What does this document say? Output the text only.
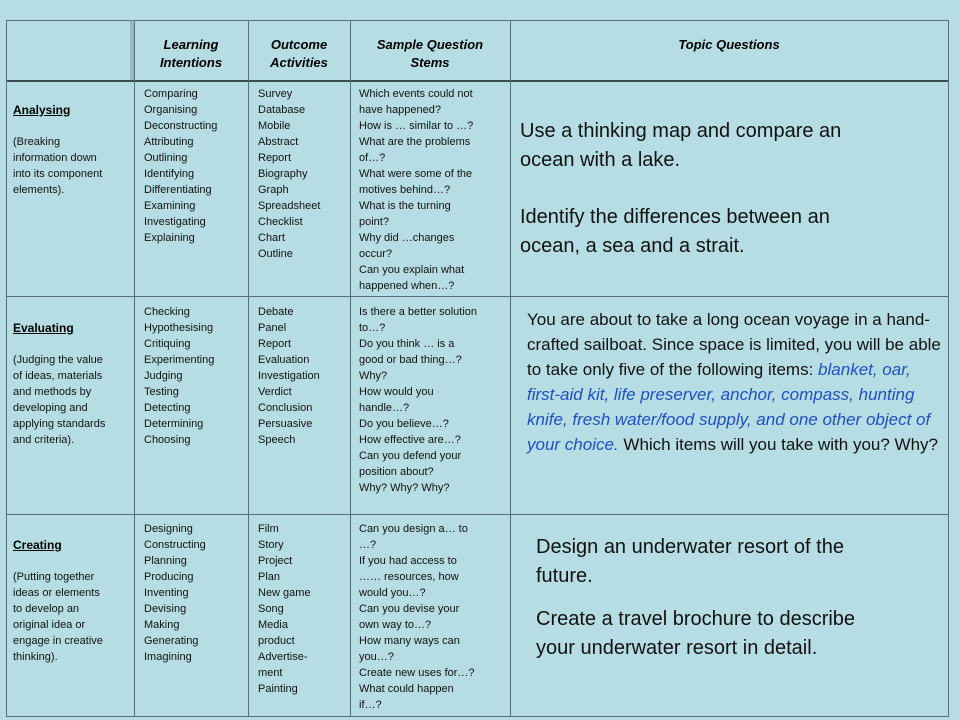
Learning
Intentions
Outcome
Activities
Sample Question
Stems
Topic Questions

Analysing

(Breaking
information down
into its component
elements).

Comparing
Organising
Deconstructing
Attributing
Outlining
Identifying
Differentiating
Examining
Investigating
Explaining
Survey
Database
Mobile
Abstract
Report
Biography
Graph
Spreadsheet
Checklist
Chart
Outline
Which events could not
have happened?
How is … similar to …?
What are the problems
of…?
What were some of the
motives behind…?
What is the turning
point?
Why did …changes
occur?
Can you explain what
happened when…?
Use a thinking map and compare an
ocean with a lake.
Identify the differences between an
ocean, a sea and a strait.

Evaluating

(Judging the value
of ideas, materials
and methods by
developing and
applying standards
and criteria).

Checking
Hypothesising
Critiquing
Experimenting
Judging
Testing
Detecting
Determining
Choosing
Debate
Panel
Report
Evaluation
Investigation
Verdict
Conclusion
Persuasive
Speech
Is there a better solution
to…?
Do you think … is a
good or bad thing…?
Why?
How would you
handle…?
Do you believe…?
How effective are…?
Can you defend your
position about?
Why? Why? Why?
You are about to take a long ocean voyage in a hand-crafted sailboat. Since space is limited, you will be able to take only five of the following items: blanket, oar, first-aid kit, life preserver, anchor, compass, hunting knife, fresh water/food supply, and one other object of your choice. Which items will you take with you? Why?

Creating

(Putting together
ideas or elements
to develop an
original idea or
engage in creative
thinking).

Designing
Constructing
Planning
Producing
Inventing
Devising
Making
Generating
Imagining
Film
Story
Project
Plan
New game
Song
Media
product
Advertise-
ment
Painting
Can you design a… to
…?
If you had access to
…… resources, how
would you…?
Can you devise your
own way to…?
How many ways can
you…?
Create new uses for…?
What could happen
if…?
Design an underwater resort of the
future.
Create a travel brochure to describe
your underwater resort in detail.
